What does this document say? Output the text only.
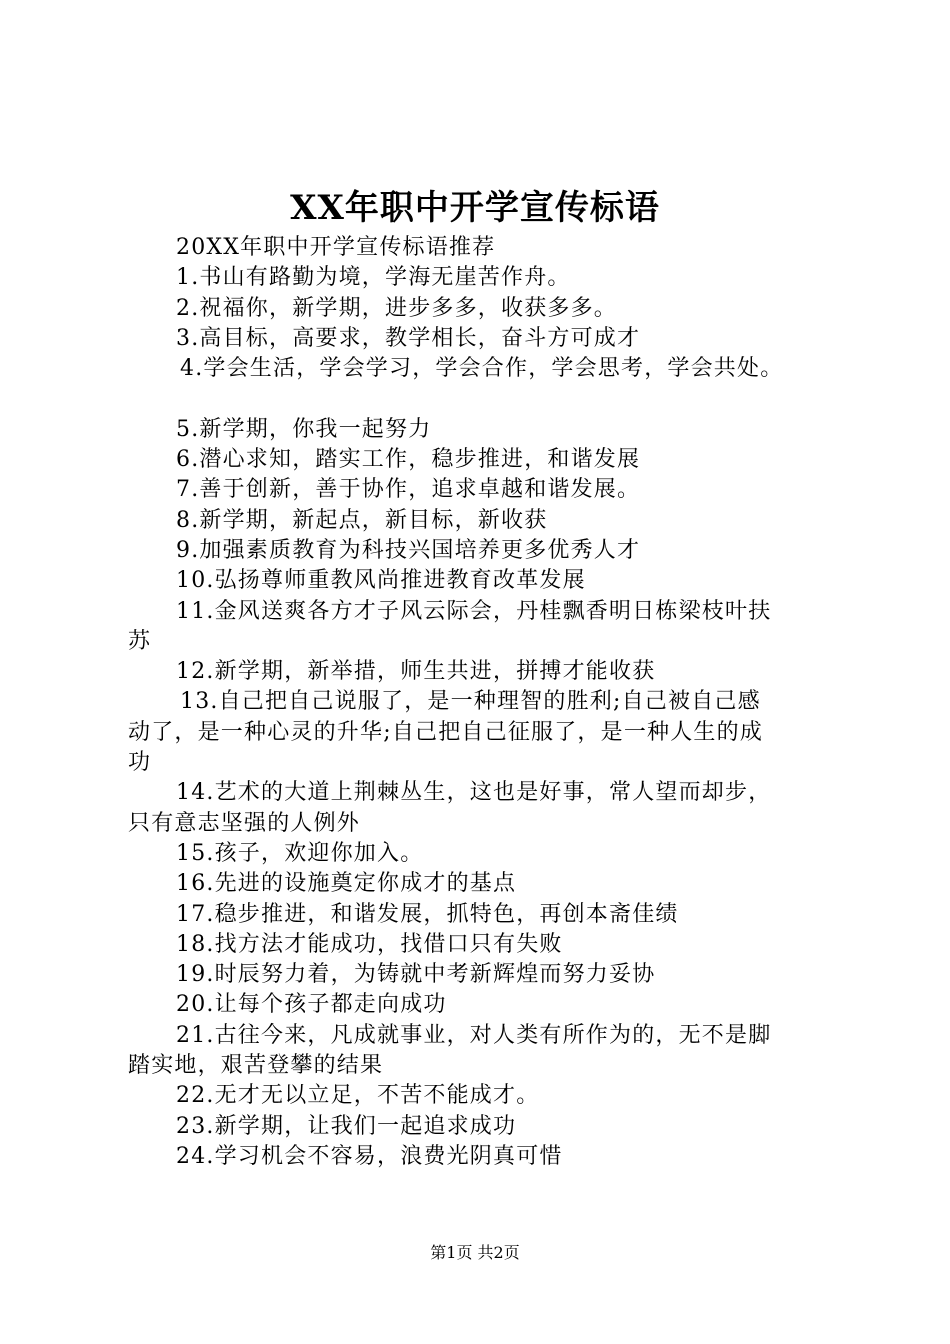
XX年职中开学宣传标语
20XX年职中开学宣传标语推荐
1.书山有路勤为境，学海无崖苦作舟。
2.祝福你，新学期，进步多多，收获多多。
3.高目标，高要求，教学相长，奋斗方可成才
4.学会生活，学会学习，学会合作，学会思考，学会共处。
5.新学期，你我一起努力
6.潜心求知，踏实工作，稳步推进，和谐发展
7.善于创新，善于协作，追求卓越和谐发展。
8.新学期，新起点，新目标，新收获
9.加强素质教育为科技兴国培养更多优秀人才
10.弘扬尊师重教风尚推进教育改革发展
11.金风送爽各方才子风云际会，丹桂飘香明日栋梁枝叶扶
苏
12.新学期，新举措，师生共进，拼搏才能收获
13.自己把自己说服了，是一种理智的胜利;自己被自己感
动了，是一种心灵的升华;自己把自己征服了，是一种人生的成
功
14.艺术的大道上荆棘丛生，这也是好事，常人望而却步，
只有意志坚强的人例外
15.孩子，欢迎你加入。
16.先进的设施奠定你成才的基点
17.稳步推进，和谐发展，抓特色，再创本斋佳绩
18.找方法才能成功，找借口只有失败
19.时辰努力着，为铸就中考新辉煌而努力妥协
20.让每个孩子都走向成功
21.古往今来，凡成就事业，对人类有所作为的，无不是脚
踏实地，艰苦登攀的结果
22.无才无以立足，不苦不能成才。
23.新学期，让我们一起追求成功
24.学习机会不容易，浪费光阴真可惜
第1页 共2页
